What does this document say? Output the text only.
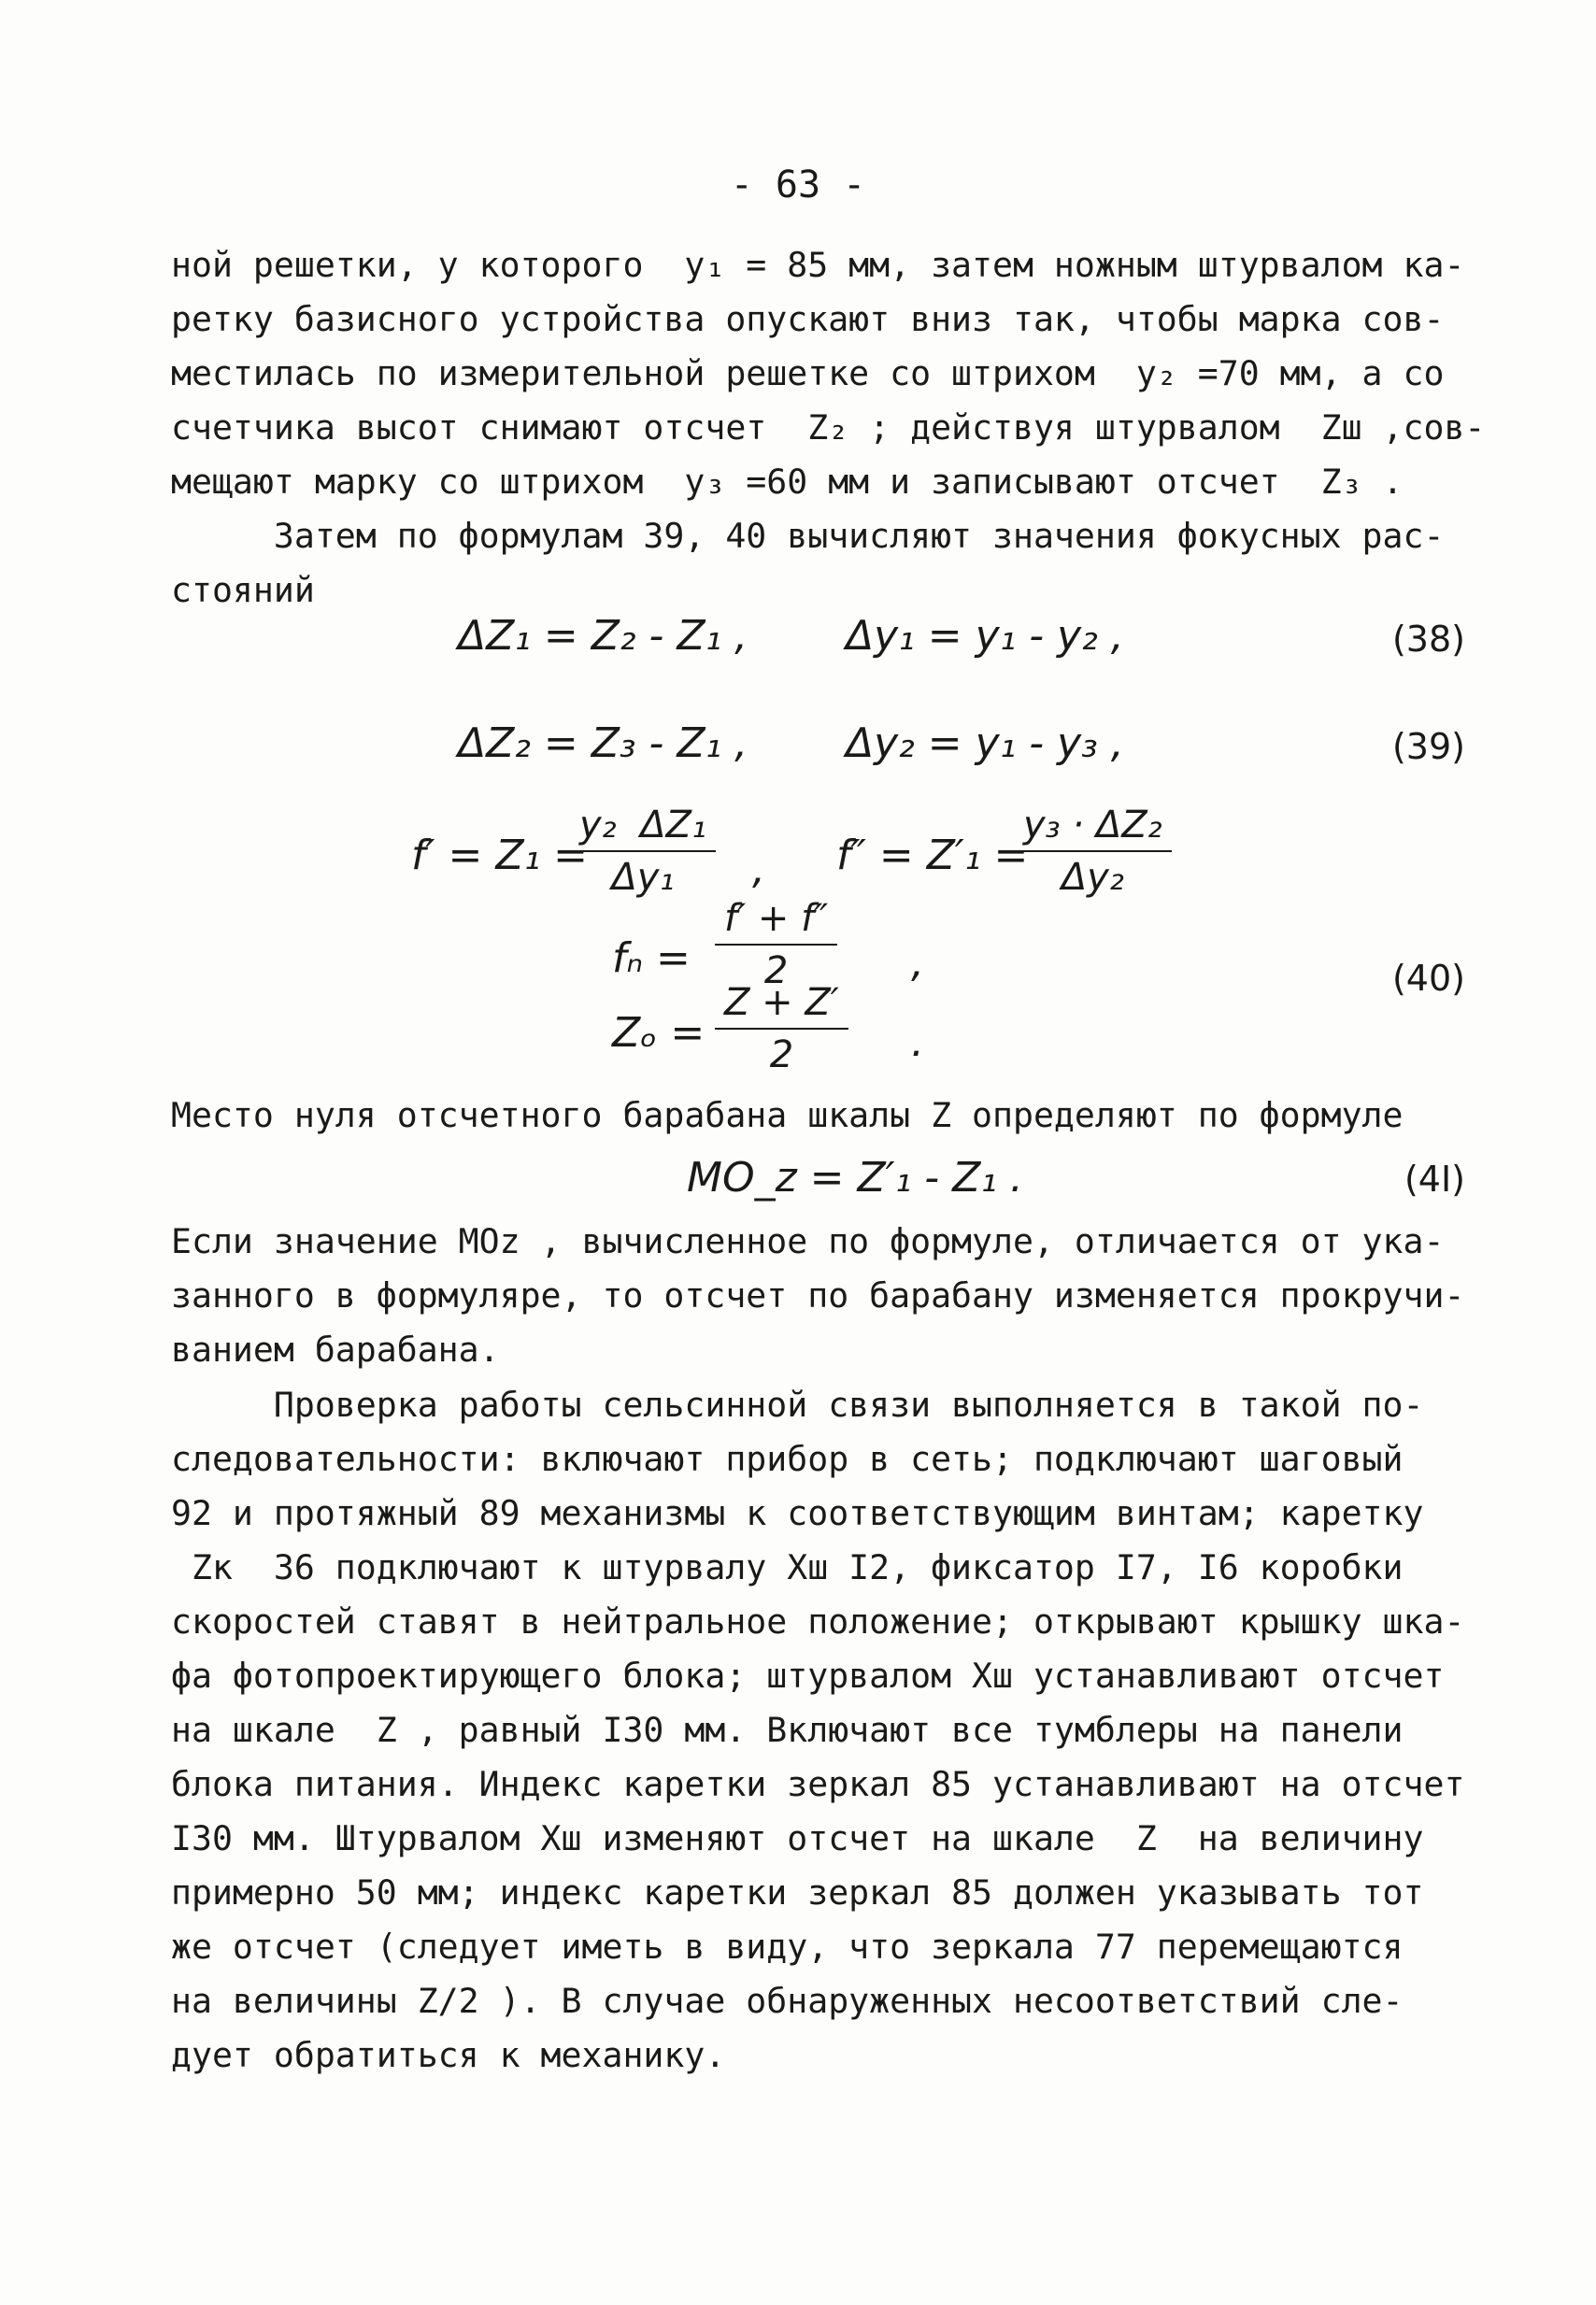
- 63 -
ной решетки, у которого  y₁ = 85 мм, затем ножным штурвалом ка-
ретку базисного устройства опускают вниз так, чтобы марка сов-
местилась по измерительной решетке со штрихом  y₂ =70 мм, а со
счетчика высот снимают отсчет  Z₂ ; действуя штурвалом  Zш ,сов-
мещают марку со штрихом  y₃ =60 мм и записывают отсчет  Z₃ .
Затем по формулам 39, 40 вычисляют значения фокусных рас-
стояний
ΔZ₁ = Z₂ - Z₁ , Δy₁ = y₁ - y₂ ,	(38)
ΔZ₂ = Z₃ - Z₁ , Δy₂ = y₁ - y₃ ,	(39)
f′ = Z₁ =
$\frac{\text{y₂  ΔZ₁}}{\text{Δy₁}}$ , f″ = Z′₁ =
$\frac{\text{y₃ · ΔZ₂}}{\text{Δy₂}}$
$f_n = \frac{f' + f''}{2}$ ,	(40)
$Z_o = \frac{Z + Z'}{2}$ .
Место нуля отсчетного барабана шкалы Z определяют по формуле
MO_z = Z′₁ - Z₁ .	(4I)
Если значение MOz , вычисленное по формуле, отличается от ука-
занного в формуляре, то отсчет по барабану изменяется прокручи-
ванием барабана.
Проверка работы сельсинной связи выполняется в такой по-
следовательности: включают прибор в сеть; подключают шаговый
92 и протяжный 89 механизмы к соответствующим винтам; каретку
Zк  36 подключают к штурвалу Xш I2, фиксатор I7, I6 коробки
скоростей ставят в нейтральное положение; открывают крышку шка-
фа фотопроектирующего блока; штурвалом Xш устанавливают отсчет
на шкале  Z , равный I30 мм. Включают все тумблеры на панели
блока питания. Индекс каретки зеркал 85 устанавливают на отсчет
I30 мм. Штурвалом Xш изменяют отсчет на шкале  Z  на величину
примерно 50 мм; индекс каретки зеркал 85 должен указывать тот
же отсчет (следует иметь в виду, что зеркала 77 перемещаются
на величины Z/2 ). В случае обнаруженных несоответствий сле-
дует обратиться к механику.
